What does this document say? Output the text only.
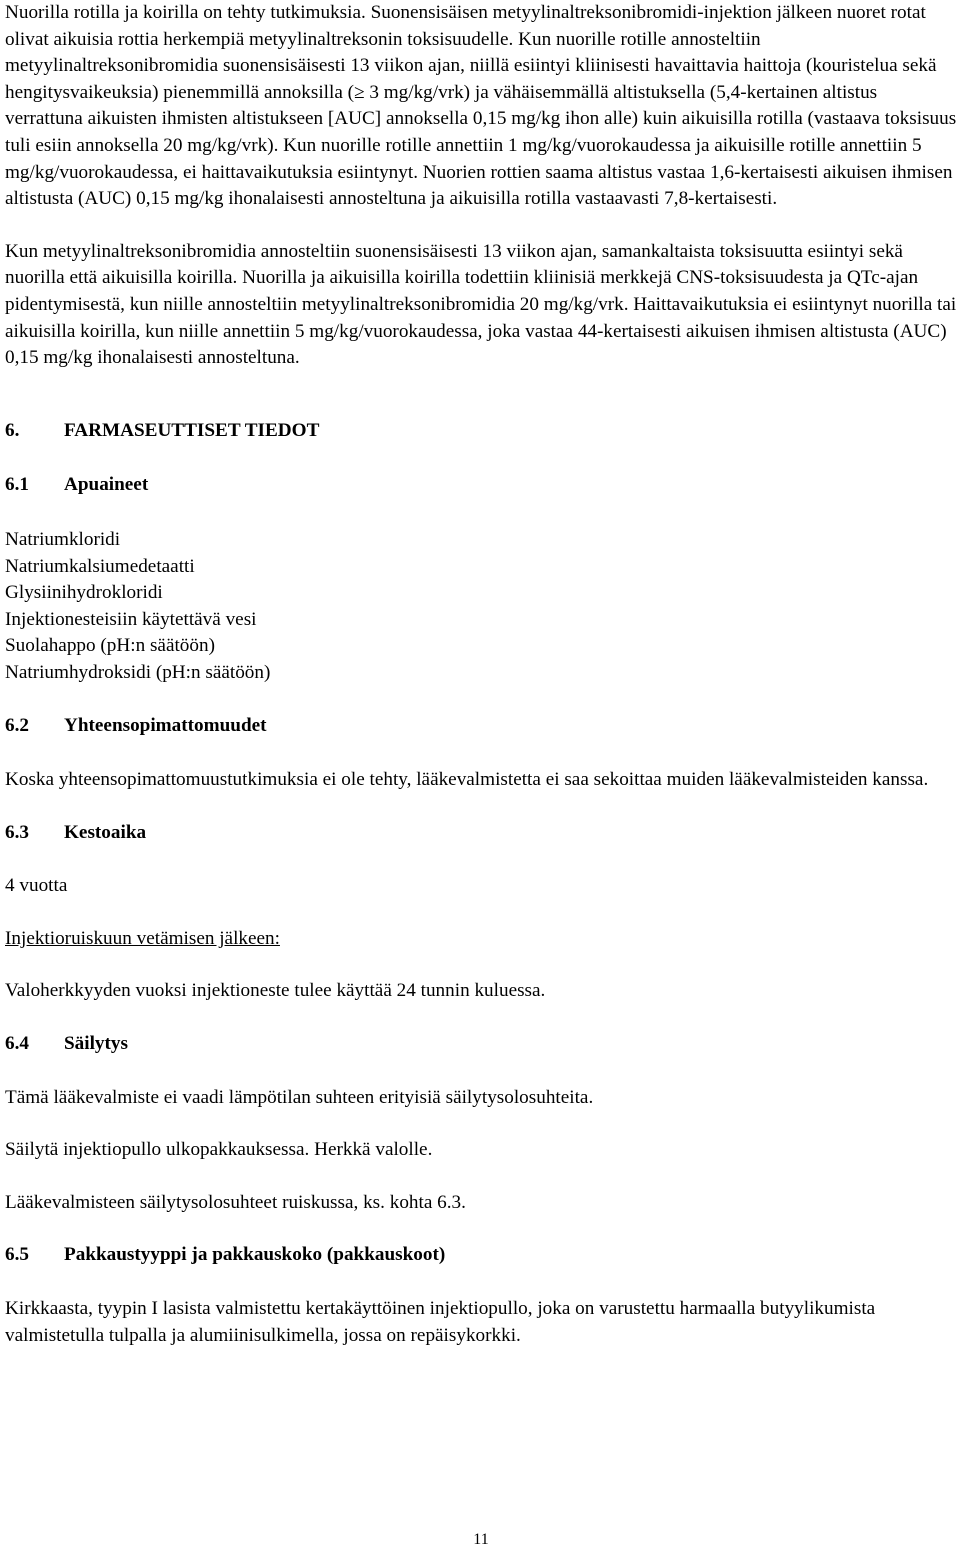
Nuorilla rotilla ja koirilla on tehty tutkimuksia. Suonensisäisen metyylinaltreksonibromidi-injektion jälkeen nuoret rotat olivat aikuisia rottia herkempiä metyylinaltreksonin toksisuudelle. Kun nuorille rotille annosteltiin metyylinaltreksonibromidia suonensisäisesti 13 viikon ajan, niillä esiintyi kliinisesti havaittavia haittoja (kouristelua sekä hengitysvaikeuksia) pienemmillä annoksilla (≥ 3 mg/kg/vrk) ja vähäisemmällä altistuksella (5,4-kertainen altistus verrattuna aikuisten ihmisten altistukseen [AUC] annoksella 0,15 mg/kg ihon alle) kuin aikuisilla rotilla (vastaava toksisuus tuli esiin annoksella 20 mg/kg/vrk). Kun nuorille rotille annettiin 1 mg/kg/vuorokaudessa ja aikuisille rotille annettiin 5 mg/kg/vuorokaudessa, ei haittavaikutuksia esiintynyt. Nuorien rottien saama altistus vastaa 1,6-kertaisesti aikuisen ihmisen altistusta (AUC) 0,15 mg/kg ihonalaisesti annosteltuna ja aikuisilla rotilla vastaavasti 7,8-kertaisesti.

Kun metyylinaltreksonibromidia annosteltiin suonensisäisesti 13 viikon ajan, samankaltaista toksisuutta esiintyi sekä nuorilla että aikuisilla koirilla. Nuorilla ja aikuisilla koirilla todettiin kliinisiä merkkejä CNS-toksisuudesta ja QTc-ajan pidentymisestä, kun niille annosteltiin metyylinaltreksonibromidia 20 mg/kg/vrk. Haittavaikutuksia ei esiintynyt nuorilla tai aikuisilla koirilla, kun niille annettiin 5 mg/kg/vuorokaudessa, joka vastaa 44-kertaisesti aikuisen ihmisen altistusta (AUC) 0,15 mg/kg ihonalaisesti annosteltuna.

6. FARMASEUTTISET TIEDOT

6.1 Apuaineet

Natriumkloridi
Natriumkalsiumedetaatti
Glysiinihydrokloridi
Injektionesteisiin käytettävä vesi
Suolahappo (pH:n säätöön)
Natriumhydroksidi (pH:n säätöön)

6.2 Yhteensopimattomuudet

Koska yhteensopimattomuustutkimuksia ei ole tehty, lääkevalmistetta ei saa sekoittaa muiden lääkevalmisteiden kanssa.

6.3 Kestoaika

4 vuotta

Injektioruiskuun vetämisen jälkeen:

Valoherkkyyden vuoksi injektioneste tulee käyttää 24 tunnin kuluessa.

6.4 Säilytys

Tämä lääkevalmiste ei vaadi lämpötilan suhteen erityisiä säilytysolosuhteita.

Säilytä injektiopullo ulkopakkauksessa. Herkkä valolle.

Lääkevalmisteen säilytysolosuhteet ruiskussa, ks. kohta 6.3.

6.5 Pakkaustyyppi ja pakkauskoko (pakkauskoot)

Kirkkaasta, tyypin I lasista valmistettu kertakäyttöinen injektiopullo, joka on varustettu harmaalla butyylikumista valmistetulla tulpalla ja alumiinisulkimella, jossa on repäisykorkki.

11
